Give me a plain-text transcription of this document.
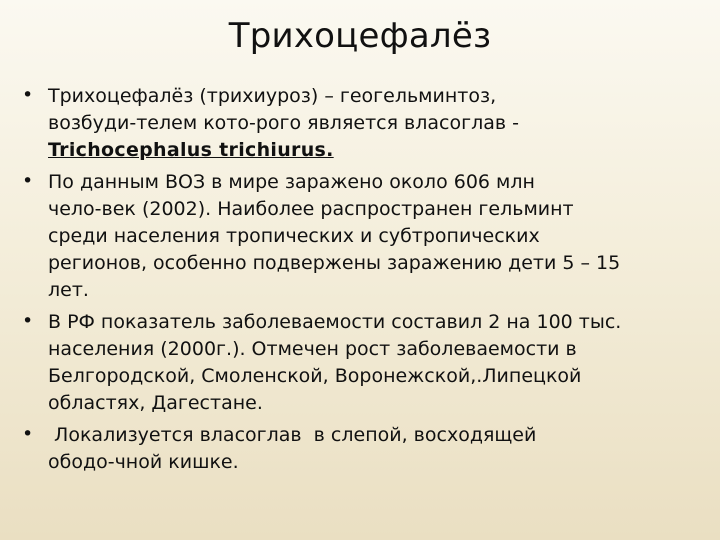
Трихоцефалёз
• Трихоцефалёз (трихиуроз) – геогельминтоз,
возбуди-телем кото-рого является власоглав -
Trichocephalus trichiurus.
• По данным ВОЗ в мире заражено около 606 млн
чело-век (2002). Наиболее распространен гельминт
среди населения тропических и субтропических
регионов, особенно подвержены заражению дети 5 – 15
лет.
• В РФ показатель заболеваемости составил 2 на 100 тыс.
населения (2000г.). Отмечен рост заболеваемости в
Белгородской, Смоленской, Воронежской,.Липецкой
областях, Дагестане.
• Локализуется власоглав  в слепой, восходящей
ободо-чной кишке.
